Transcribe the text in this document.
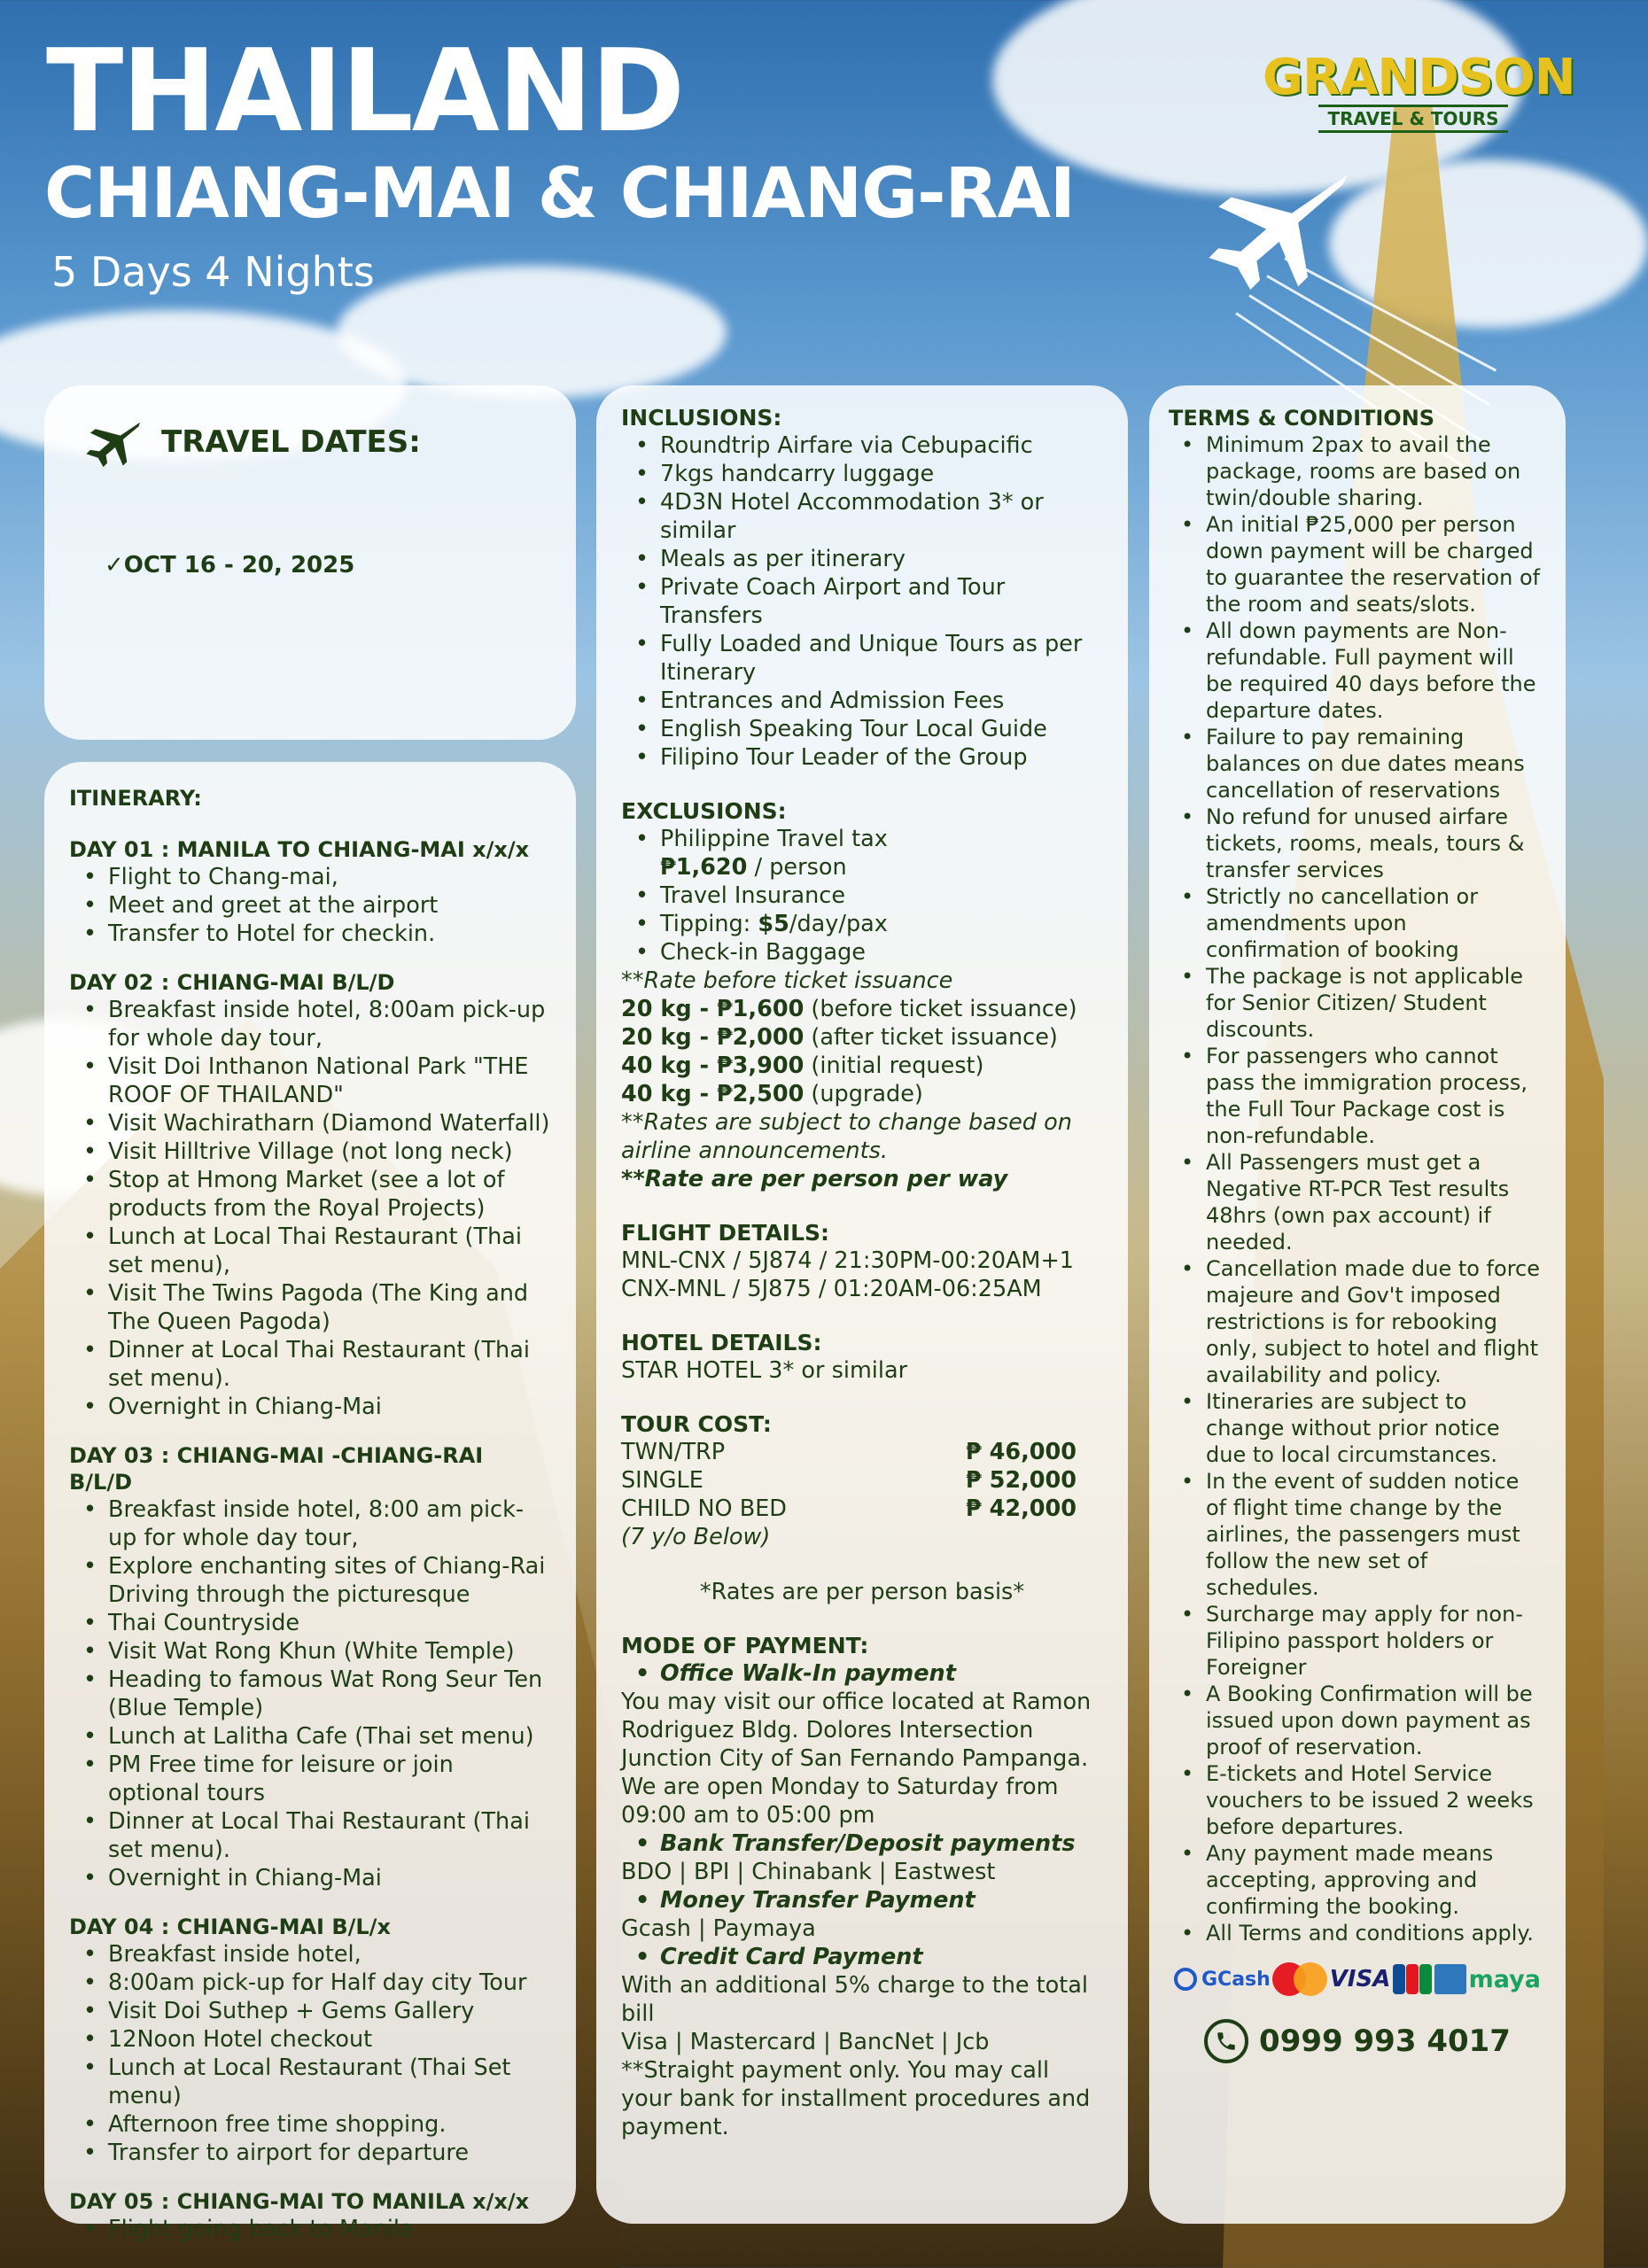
THAILAND
CHIANG-MAI & CHIANG-RAI
5 Days 4 Nights
GRANDSON
TRAVEL & TOURS
TRAVEL DATES:
✓OCT 16 - 20, 2025
ITINERARY:
DAY 01 : MANILA TO CHIANG-MAI x/x/x
• Flight to Chang-mai,
• Meet and greet at the airport
• Transfer to Hotel for checkin.
DAY 02 : CHIANG-MAI B/L/D
• Breakfast inside hotel, 8:00am pick-up for whole day tour,
• Visit Doi Inthanon National Park "THE ROOF OF THAILAND"
• Visit Wachiratharn (Diamond Waterfall)
• Visit Hilltrive Village (not long neck)
• Stop at Hmong Market (see a lot of products from the Royal Projects)
• Lunch at Local Thai Restaurant (Thai set menu),
• Visit The Twins Pagoda (The King and The Queen Pagoda)
• Dinner at Local Thai Restaurant (Thai set menu).
• Overnight in Chiang-Mai
DAY 03 : CHIANG-MAI -CHIANG-RAI B/L/D
• Breakfast inside hotel, 8:00 am pick-up for whole day tour,
• Explore enchanting sites of Chiang-Rai Driving through the picturesque
• Thai Countryside
• Visit Wat Rong Khun (White Temple)
• Heading to famous Wat Rong Seur Ten (Blue Temple)
• Lunch at Lalitha Cafe (Thai set menu)
• PM Free time for leisure or join optional tours
• Dinner at Local Thai Restaurant (Thai set menu).
• Overnight in Chiang-Mai
DAY 04 : CHIANG-MAI B/L/x
• Breakfast inside hotel,
• 8:00am pick-up for Half day city Tour
• Visit Doi Suthep + Gems Gallery
• 12Noon Hotel checkout
• Lunch at Local Restaurant (Thai Set menu)
• Afternoon free time shopping.
• Transfer to airport for departure
DAY 05 : CHIANG-MAI TO MANILA x/x/x
• Flight going back to Manila
INCLUSIONS:
• Roundtrip Airfare via Cebupacific
• 7kgs handcarry luggage
• 4D3N Hotel Accommodation 3* or similar
• Meals as per itinerary
• Private Coach Airport and Tour Transfers
• Fully Loaded and Unique Tours as per Itinerary
• Entrances and Admission Fees
• English Speaking Tour Local Guide
• Filipino Tour Leader of the Group
EXCLUSIONS:
• Philippine Travel tax
₱1,620 / person
• Travel Insurance
• Tipping: $5/day/pax
• Check-in Baggage
**Rate before ticket issuance
20 kg - ₱1,600 (before ticket issuance)
20 kg - ₱2,000 (after ticket issuance)
40 kg - ₱3,900 (initial request)
40 kg - ₱2,500 (upgrade)
**Rates are subject to change based on airline announcements.
**Rate are per person per way
FLIGHT DETAILS:
MNL-CNX / 5J874 / 21:30PM-00:20AM+1
CNX-MNL / 5J875 / 01:20AM-06:25AM
HOTEL DETAILS:
STAR HOTEL 3* or similar
TOUR COST:
TWN/TRP	₱ 46,000
SINGLE	₱ 52,000
CHILD NO BED	₱ 42,000
(7 y/o Below)
*Rates are per person basis*
MODE OF PAYMENT:
• Office Walk-In payment
You may visit our office located at Ramon Rodriguez Bldg. Dolores Intersection Junction City of San Fernando Pampanga. We are open Monday to Saturday from 09:00 am to 05:00 pm
• Bank Transfer/Deposit payments
BDO | BPI | Chinabank | Eastwest
• Money Transfer Payment
Gcash | Paymaya
• Credit Card Payment
With an additional 5% charge to the total bill
Visa | Mastercard | BancNet | Jcb
**Straight payment only. You may call your bank for installment procedures and payment.
TERMS & CONDITIONS
• Minimum 2pax to avail the package, rooms are based on twin/double sharing.
• An initial ₱25,000 per person down payment will be charged to guarantee the reservation of the room and seats/slots.
• All down payments are Non-refundable. Full payment will be required 40 days before the departure dates.
• Failure to pay remaining balances on due dates means cancellation of reservations
• No refund for unused airfare tickets, rooms, meals, tours & transfer services
• Strictly no cancellation or amendments upon confirmation of booking
• The package is not applicable for Senior Citizen/ Student discounts.
• For passengers who cannot pass the immigration process, the Full Tour Package cost is non-refundable.
• All Passengers must get a Negative RT-PCR Test results 48hrs (own pax account) if needed.
• Cancellation made due to force majeure and Gov't imposed restrictions is for rebooking only, subject to hotel and flight availability and policy.
• Itineraries are subject to change without prior notice due to local circumstances.
• In the event of sudden notice of flight time change by the airlines, the passengers must follow the new set of schedules.
• Surcharge may apply for non-Filipino passport holders or Foreigner
• A Booking Confirmation will be issued upon down payment as proof of reservation.
• E-tickets and Hotel Service vouchers to be issued 2 weeks before departures.
• Any payment made means accepting, approving and confirming the booking.
• All Terms and conditions apply.
GCash	VISA	maya
0999 993 4017
